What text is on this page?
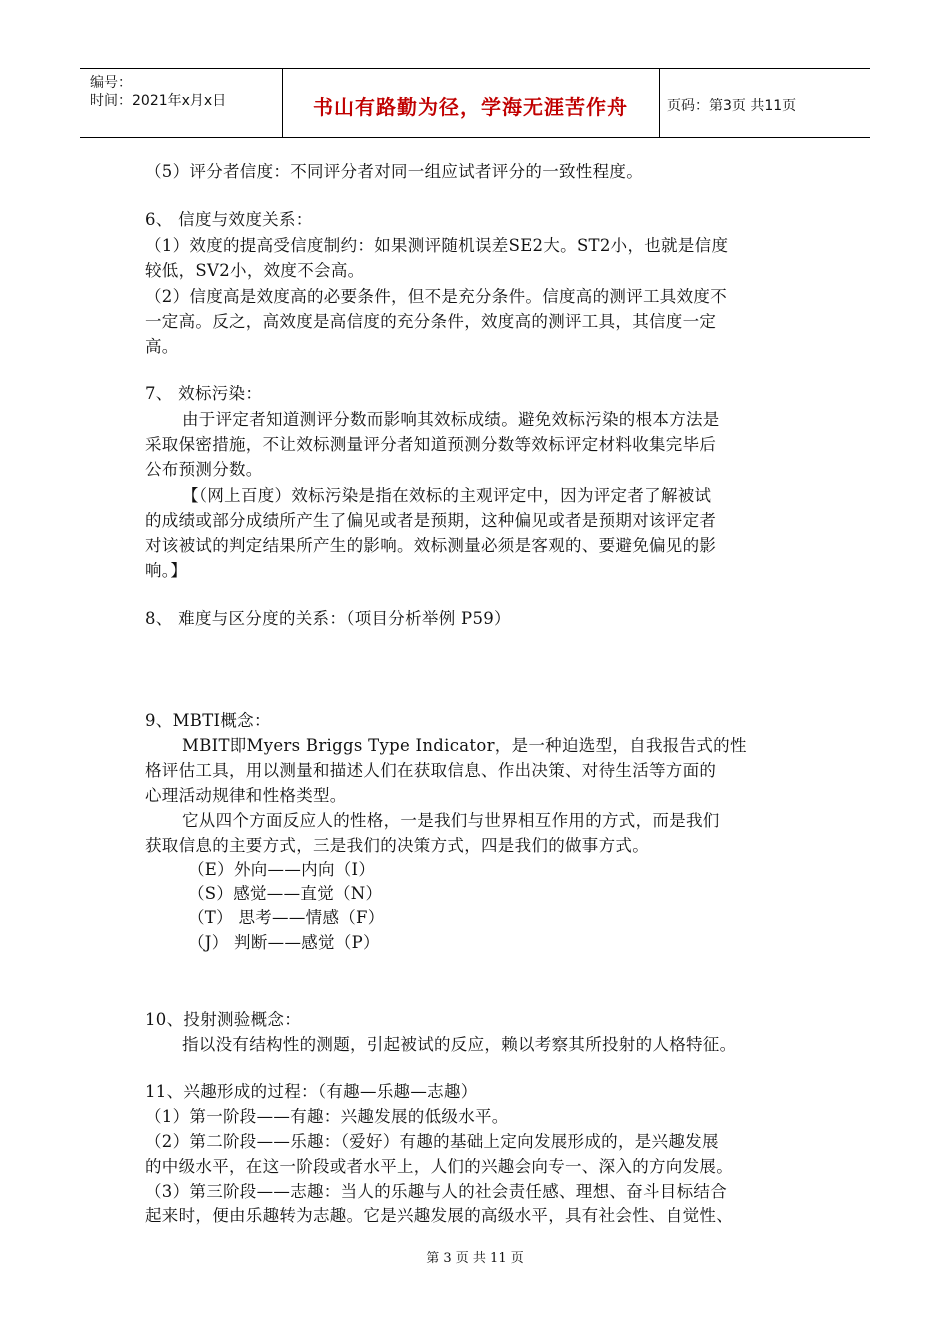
编号：
时间：2021年x月x日	书山有路勤为径，学海无涯苦作舟	页码：第3页 共11页
（5）评分者信度：不同评分者对同一组应试者评分的一致性程度。
6、 信度与效度关系：
（1）效度的提高受信度制约：如果测评随机误差SE2大。ST2小，也就是信度
较低，SV2小，效度不会高。
（2）信度高是效度高的必要条件，但不是充分条件。信度高的测评工具效度不
一定高。反之，高效度是高信度的充分条件，效度高的测评工具，其信度一定
高。
7、 效标污染：
由于评定者知道测评分数而影响其效标成绩。避免效标污染的根本方法是
采取保密措施，不让效标测量评分者知道预测分数等效标评定材料收集完毕后
公布预测分数。
【（网上百度）效标污染是指在效标的主观评定中，因为评定者了解被试
的成绩或部分成绩所产生了偏见或者是预期，这种偏见或者是预期对该评定者
对该被试的判定结果所产生的影响。效标测量必须是客观的、要避免偏见的影
响。】
8、 难度与区分度的关系：（项目分析举例 P59）
9、MBTI概念：
MBIT即Myers Briggs Type Indicator，是一种迫选型，自我报告式的性
格评估工具，用以测量和描述人们在获取信息、作出决策、对待生活等方面的
心理活动规律和性格类型。
它从四个方面反应人的性格，一是我们与世界相互作用的方式，而是我们
获取信息的主要方式，三是我们的决策方式，四是我们的做事方式。
（E）外向——内向（I）
（S）感觉——直觉（N）
（T） 思考——情感（F）
（J） 判断——感觉（P）
10、投射测验概念：
指以没有结构性的测题，引起被试的反应，赖以考察其所投射的人格特征。
11、兴趣形成的过程：（有趣—乐趣—志趣）
（1）第一阶段——有趣：兴趣发展的低级水平。
（2）第二阶段——乐趣：（爱好）有趣的基础上定向发展形成的，是兴趣发展
的中级水平，在这一阶段或者水平上，人们的兴趣会向专一、深入的方向发展。
（3）第三阶段——志趣：当人的乐趣与人的社会责任感、理想、奋斗目标结合
起来时，便由乐趣转为志趣。它是兴趣发展的高级水平，具有社会性、自觉性、
第 3 页 共 11 页
